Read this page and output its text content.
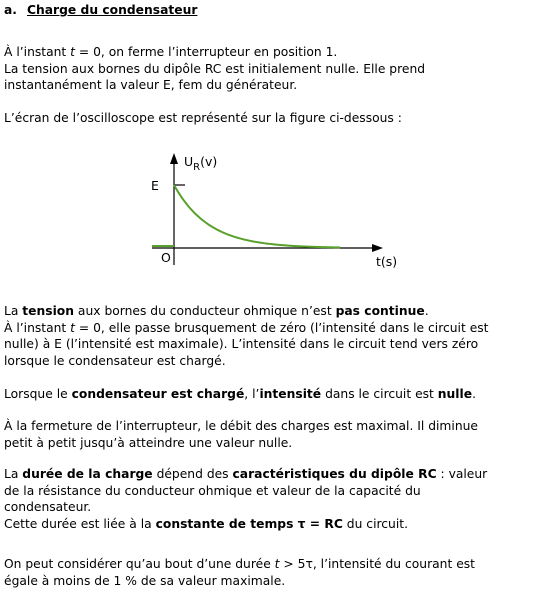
a. Charge du condensateur
À l’instant t = 0, on ferme l’interrupteur en position 1.
La tension aux bornes du dipôle RC est initialement nulle. Elle prend
instantanément la valeur E, fem du générateur.
L’écran de l’oscilloscope est représenté sur la figure ci-dessous :
$U_R(v)$
E
O	t(s)
La tension aux bornes du conducteur ohmique n’est pas continue.
À l’instant t = 0, elle passe brusquement de zéro (l’intensité dans le circuit est
nulle) à E (l’intensité est maximale). L’intensité dans le circuit tend vers zéro
lorsque le condensateur est chargé.
Lorsque le condensateur est chargé, l’intensité dans le circuit est nulle.
À la fermeture de l’interrupteur, le débit des charges est maximal. Il diminue
petit à petit jusqu’à atteindre une valeur nulle.
La durée de la charge dépend des caractéristiques du dipôle RC : valeur
de la résistance du conducteur ohmique et valeur de la capacité du
condensateur.
Cette durée est liée à la constante de temps τ = RC du circuit.
On peut considérer qu’au bout d’une durée t > 5τ, l’intensité du courant est
égale à moins de 1 % de sa valeur maximale.
